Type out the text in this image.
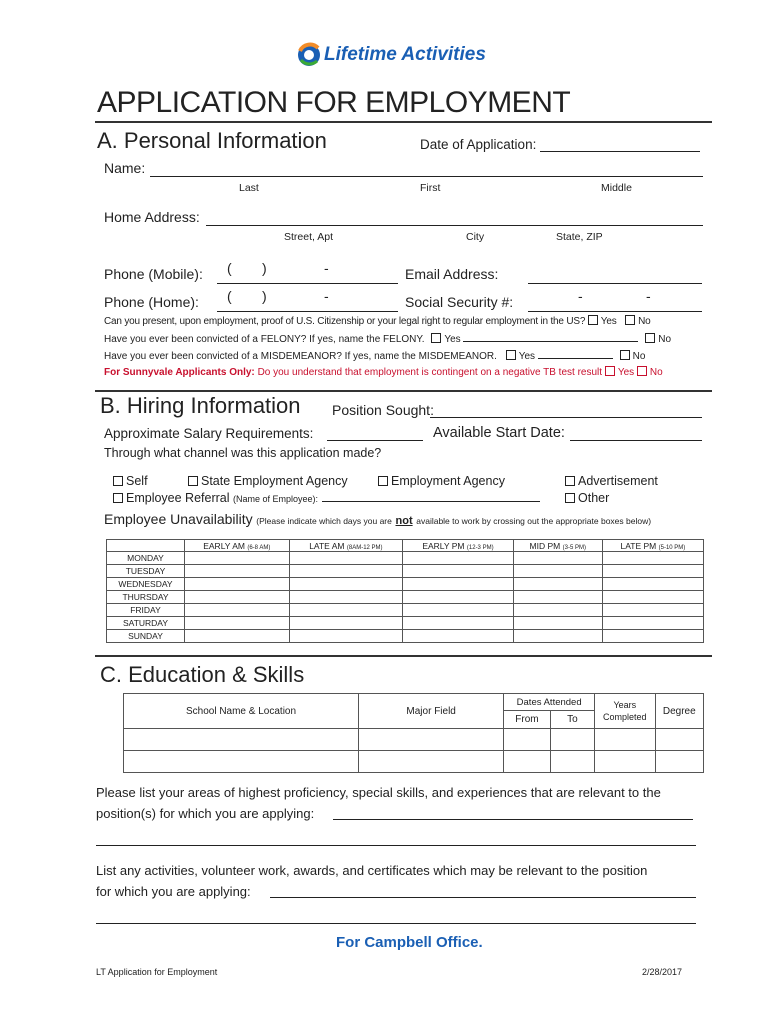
Lifetime Activities
APPLICATION FOR EMPLOYMENT
A. Personal Information	Date of Application:
Name:
Last	First	Middle
Home Address:
Street, Apt	City	State, ZIP
Phone (Mobile): ( )	-	Email Address:
Phone (Home): ( )	-	Social Security #:	-	-
Can you present, upon employment, proof of U.S. Citizenship or your legal right to regular employment in the US? Yes No
Have you ever been convicted of a FELONY? If yes, name the FELONY. Yes	No
Have you ever been convicted of a MISDEMEANOR? If yes, name the MISDEMEANOR. Yes	No
For Sunnyvale Applicants Only: Do you understand that employment is contingent on a negative TB test result Yes No
B. Hiring Information Position Sought:
Approximate Salary Requirements:	Available Start Date:
Through what channel was this application made?
Self	State Employment Agency	Employment Agency	Advertisement
Employee Referral (Name of Employee):	Other
Employee Unavailability (Please indicate which days you are not available to work by crossing out the appropriate boxes below)
	EARLY AM (6-8 AM)	LATE AM (8AM-12 PM)	EARLY PM (12-3 PM)	MID PM (3-5 PM)	LATE PM (5-10 PM)
MONDAY					
TUESDAY					
WEDNESDAY					
THURSDAY					
FRIDAY					
SATURDAY					
SUNDAY					
C. Education & Skills
School Name & Location	Major Field	Dates Attended		Years Completed	Degree
		From	To		

Please list your areas of highest proficiency, special skills, and experiences that are relevant to the
position(s) for which you are applying:
List any activities, volunteer work, awards, and certificates which may be relevant to the position
for which you are applying:
For Campbell Office.
LT Application for Employment	2/28/2017
